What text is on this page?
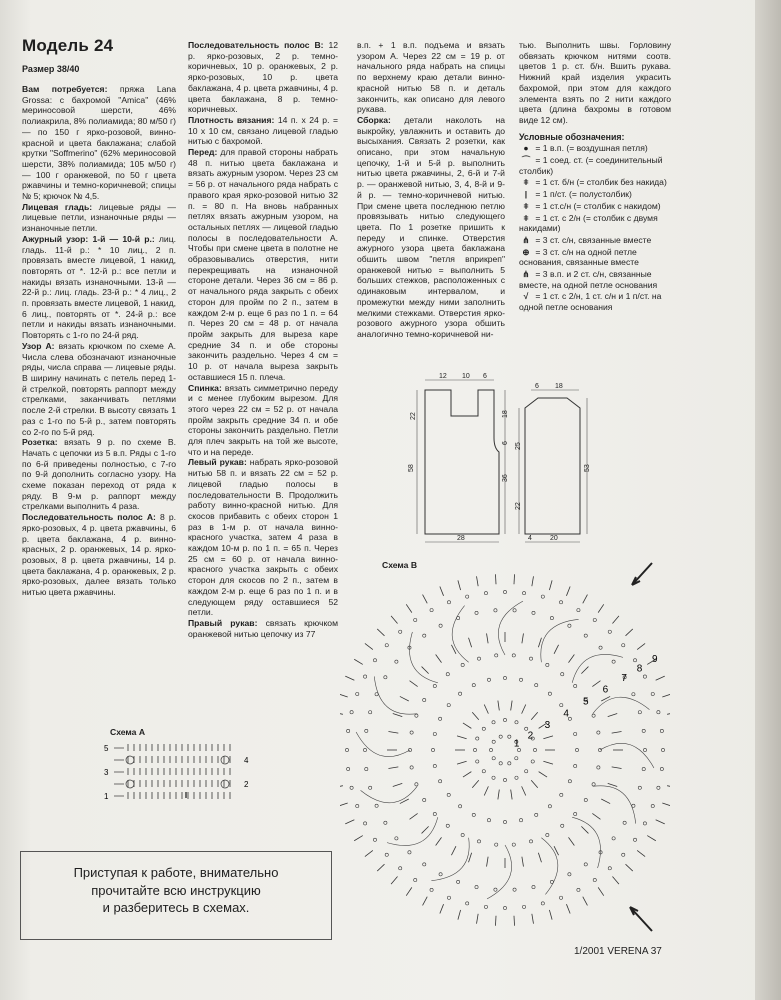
Модель 24
Размер 38/40

Вам потребуется: пряжа Lana Grossa: с бахромой "Amica" (46% мериносовой шерсти, 46% полиакрила, 8% полиамида; 80 м/50 г) — по 150 г ярко-розовой, винно-красной и цвета баклажана; слабой крутки "Soffmerino" (62% мериносовой шерсти, 38% полиамида; 105 м/50 г) — 100 г оранжевой, по 50 г цвета ржавчины и темно-коричневой; спицы № 5; крючок № 4,5.

Лицевая гладь: лицевые ряды — лицевые петли, изнаночные ряды — изнаночные петли.

Ажурный узор: 1-й — 10-й р.: лиц. гладь. 11-й р.: * 10 лиц., 2 п. провязать вместе лицевой, 1 накид, повторять от *. 12-й р.: все петли и накиды вязать изнаночными. 13-й — 22-й р.: лиц. гладь. 23-й р.: * 4 лиц., 2 п. провязать вместе лицевой, 1 накид, 6 лиц., повторять от *. 24-й р.: все петли и накиды вязать изнаночными. Повторять с 1-го по 24-й ряд.

Узор А: вязать крючком по схеме А. Числа слева обозначают изнаночные ряды, числа справа — лицевые ряды. В ширину начинать с петель перед 1-й стрелкой, повторять раппорт между стрелками, заканчивать петлями после 2-й стрелки. В высоту связать 1 раз с 1-го по 5-й р., затем повторять со 2-го по 5-й ряд.

Розетка: вязать 9 р. по схеме В. Начать с цепочки из 5 в.п. Ряды с 1-го по 6-й приведены полностью, с 7-го по 9-й дополнить согласно узору. На схеме показан переход от ряда к ряду. В 9-м р. раппорт между стрелками выполнить 4 раза.

Последовательность полос А: 8 р. ярко-розовых, 4 р. цвета ржавчины, 6 р. цвета баклажана, 4 р. винно-красных, 2 р. оранжевых, 14 р. ярко-розовых, 8 р. цвета ржавчины, 14 р. цвета баклажана, 4 р. оранжевых, 2 р. ярко-розовых, далее вязать только нитью цвета ржавчины.

Последовательность полос В: 12 р. ярко-розовых, 2 р. темно-коричневых, 10 р. оранжевых, 2 р. ярко-розовых, 10 р. цвета баклажана, 4 р. цвета ржавчины, 4 р. цвета баклажана, 8 р. темно-коричневых.

Плотность вязания: 14 п. х 24 р. = 10 х 10 см, связано лицевой гладью нитью с бахромой.

Перед: для правой стороны набрать 48 п. нитью цвета баклажана и вязать ажурным узором. Через 23 см = 56 р. от начального ряда набрать с правого края ярко-розовой нитью 32 п. = 80 п. На вновь набранных петлях вязать ажурным узором, на остальных петлях — лицевой гладью полосы в последовательности А. Чтобы при смене цвета в полотне не образовывались отверстия, нити перекрещивать на изнаночной стороне детали. Через 36 см = 86 р. от начального ряда закрыть с обеих сторон для пройм по 2 п., затем в каждом 2-м р. еще 6 раз по 1 п. = 64 п. Через 20 см = 48 р. от начала пройм закрыть для выреза каре средние 34 п. и обе стороны закончить раздельно. Через 4 см = 10 р. от начала выреза закрыть оставшиеся 15 п. плеча.

Спинка: вязать симметрично переду и с менее глубоким вырезом. Для этого через 22 см = 52 р. от начала пройм закрыть средние 34 п. и обе стороны закончить раздельно. Петли для плеч закрыть на той же высоте, что и на переде.

Левый рукав: набрать ярко-розовой нитью 58 п. и вязать 22 см = 52 р. лицевой гладью полосы в последовательности В. Продолжить работу винно-красной нитью. Для скосов прибавить с обеих сторон 1 раз в 1-м р. от начала винно-красного участка, затем 4 раза в каждом 10-м р. по 1 п. = 65 п. Через 25 см = 60 р. от начала винно-красного участка закрыть с обеих сторон для скосов по 2 п., затем в каждом 2-м р. еще 6 раз по 1 п. и в следующем ряду оставшиеся 52 петли.

Правый рукав: связать крючком оранжевой нитью цепочку из 77

в.п. + 1 в.п. подъема и вязать узором А. Через 22 см = 19 р. от начального ряда набрать на спицы по верхнему краю детали винно-красной нитью 58 п. и деталь закончить, как описано для левого рукава.

Сборка: детали наколоть на выкройку, увлажнить и оставить до высыхания. Связать 2 розетки, как описано, при этом начальную цепочку, 1-й и 5-й р. выполнить нитью цвета ржавчины, 2, 6-й и 7-й р. — оранжевой нитью, 3, 4, 8-й и 9-й р. — темно-коричневой нитью. При смене цвета последнюю петлю провязывать нитью следующего цвета. По 1 розетке пришить к переду и спинке. Отверстия ажурного узора цвета баклажана обшить швом "петля вприкреп" оранжевой нитью = выполнить 5 больших стежков, расположенных с одинаковым интервалом, и промежутки между ними заполнить мелкими стежками. Отверстия ярко-розового ажурного узора обшить аналогично темно-коричневой ни-

тью. Выполнить швы. Горловину обвязать крючком нитями соотв. цветов 1 р. ст. б/н. Вшить рукава. Нижний край изделия украсить бахромой, при этом для каждого элемента взять по 2 нити каждого цвета (длина бахромы в готовом виде 12 см).

Условные обозначения:

● = 1 в.п. (= воздушная петля)

⌒ = 1 соед. ст. (= соединительный столбик)

ǂ = 1 ст. б/н (= столбик без накида)

| = 1 п/ст. (= полустолбик)

ǂ = 1 ст.с/н (= столбик с накидом)

ǂ = 1 ст. с 2/н (= столбик с двумя накидами)

⋔ = 3 ст. с/н, связанные вместе

⊕ = 3 ст. с/н на одной петле основания, связанные вместе

⋔ = 3 в.п. и 2 ст. с/н, связанные вместе, на одной петле основания

√ = 1 ст. с 2/н, 1 ст. с/н и 1 п/ст. на одной петле основания

12 10 6
22
58
36
18
6
28
6 18
25
22
53
4	20
Схема А
5
4
3
2
1
Схема В
9
8
7
6
5
4
3
2
1
Приступая к работе, внимательно
прочитайте всю инструкцию
и разберитесь в схемах.
1/2001 VERENA 37
